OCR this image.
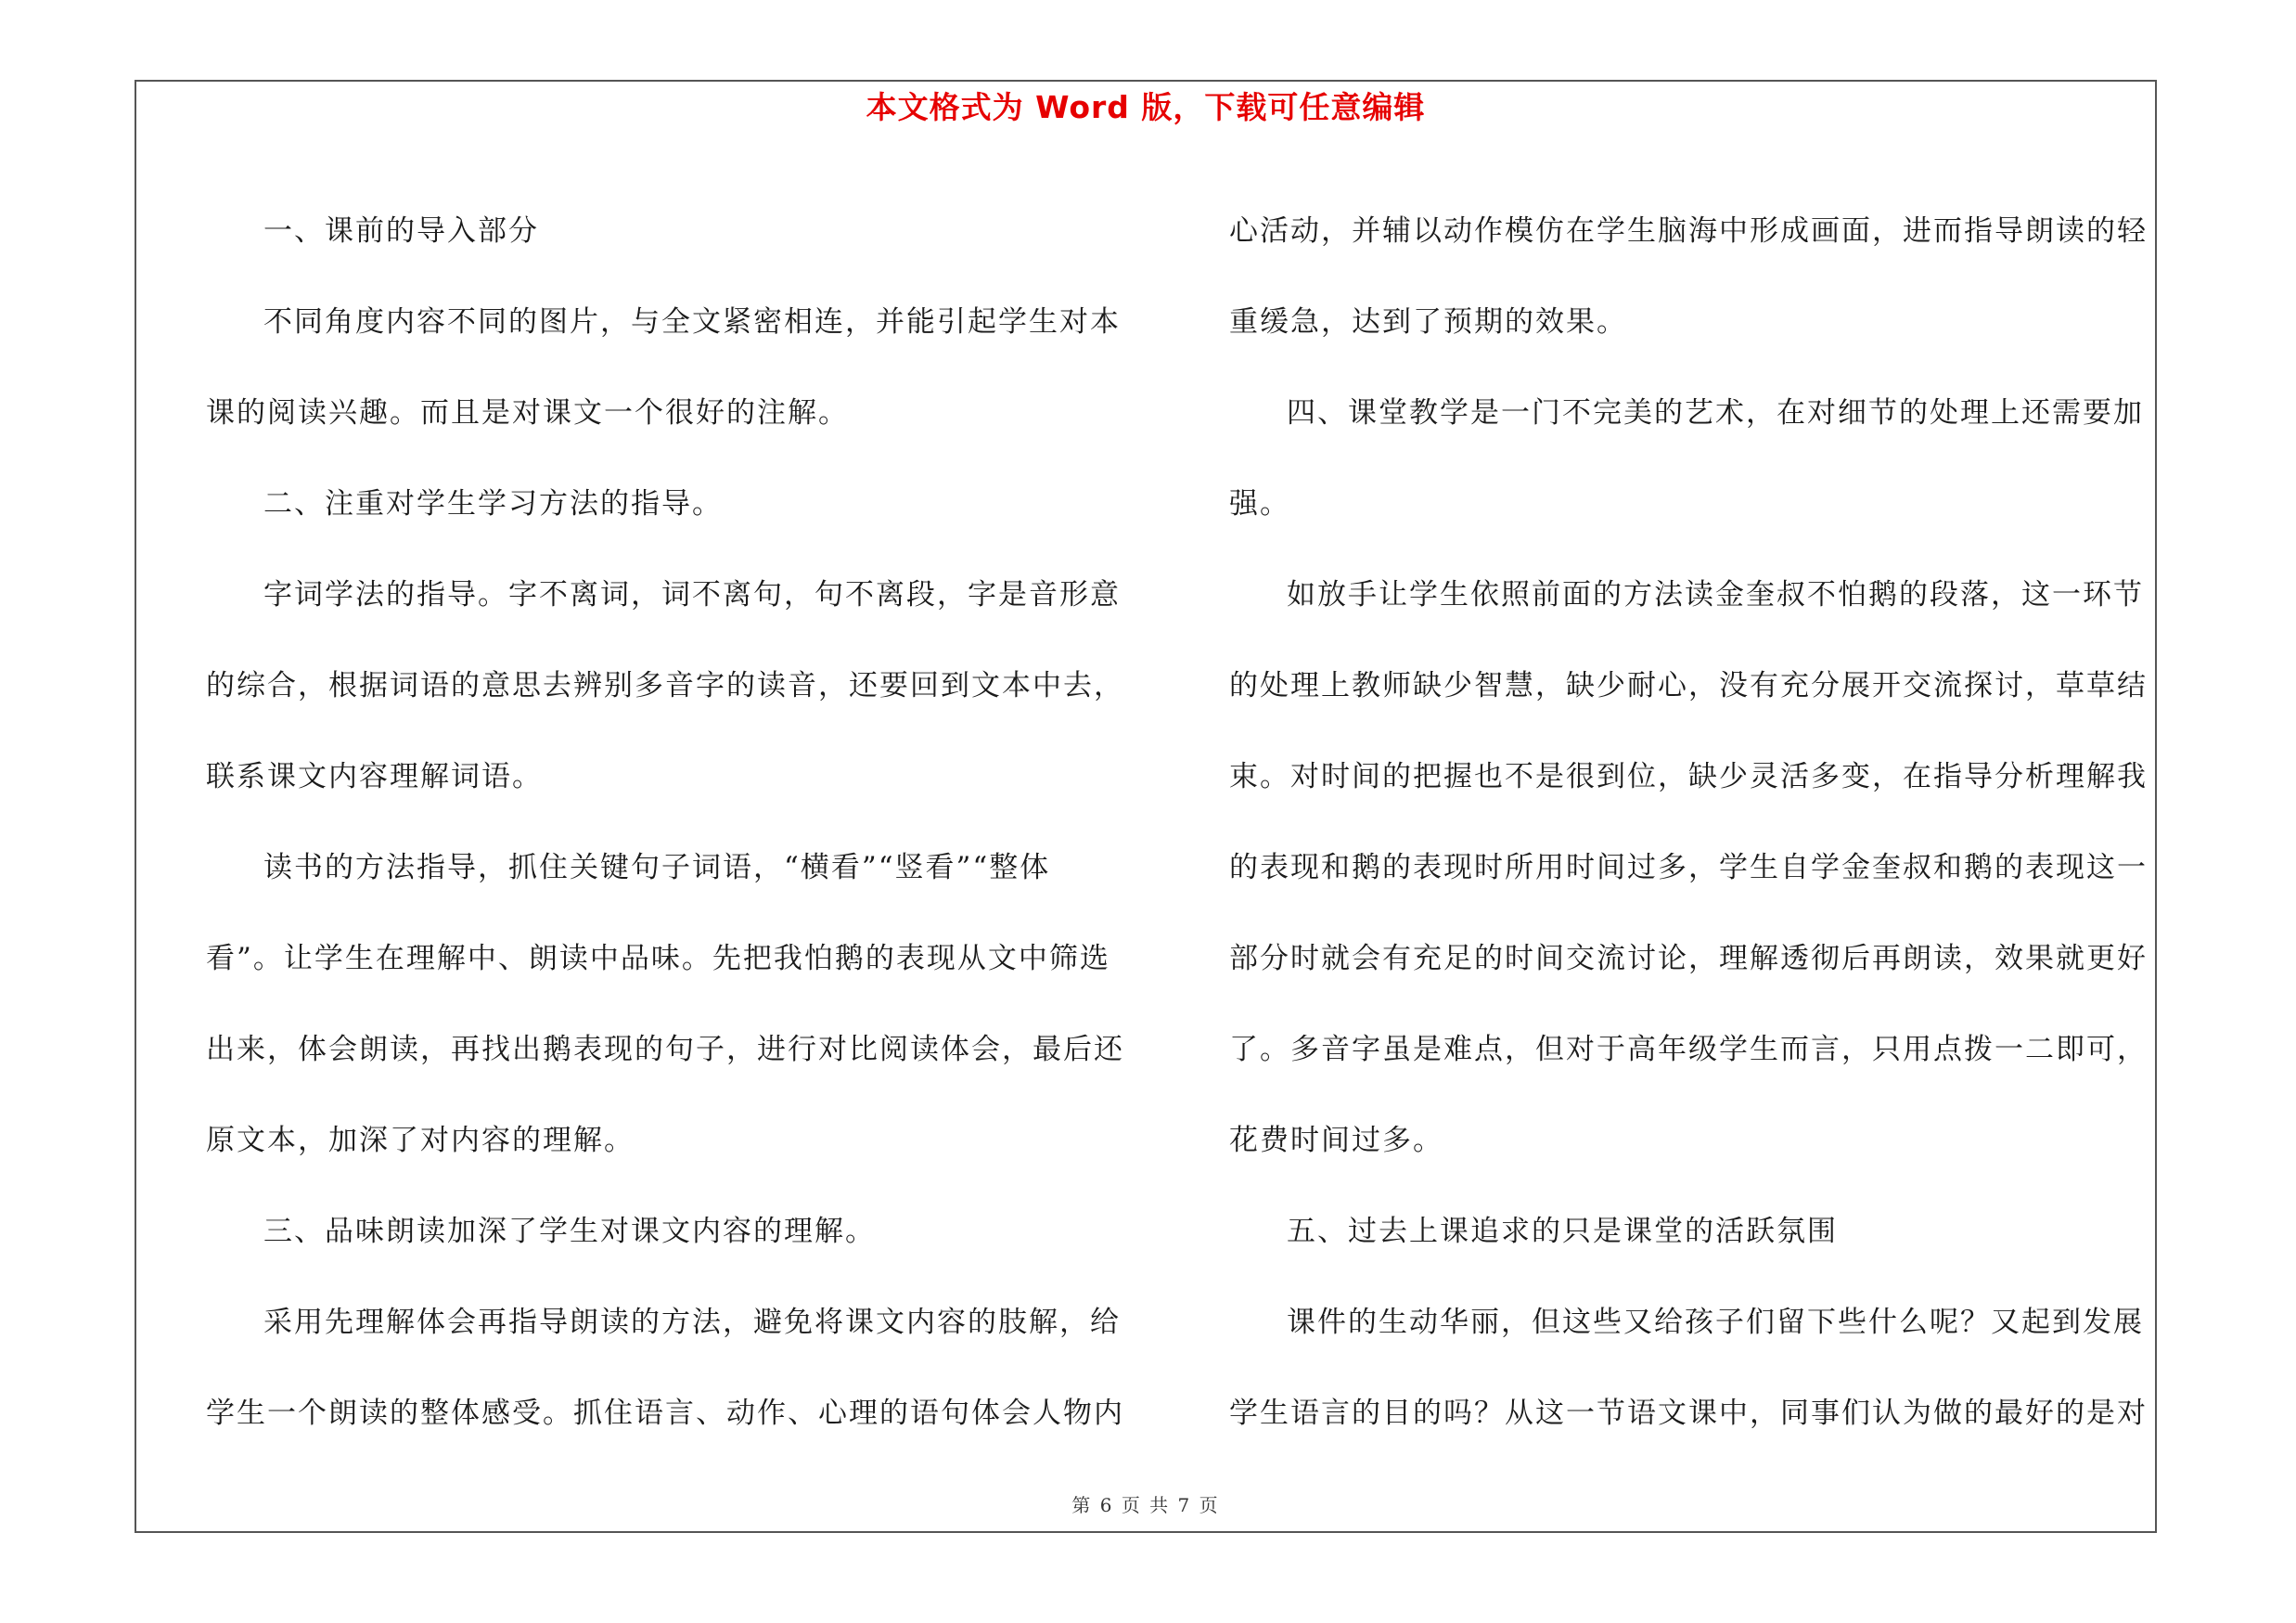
本文格式为 Word 版，下载可任意编辑

一、课前的导入部分

不同角度内容不同的图片，与全文紧密相连，并能引起学生对本

课的阅读兴趣。而且是对课文一个很好的注解。

二、注重对学生学习方法的指导。

字词学法的指导。字不离词，词不离句，句不离段，字是音形意

的综合，根据词语的意思去辨别多音字的读音，还要回到文本中去，

联系课文内容理解词语。

读书的方法指导，抓住关键句子词语，“横看”“竖看”“整体

看”。让学生在理解中、朗读中品味。先把我怕鹅的表现从文中筛选

出来，体会朗读，再找出鹅表现的句子，进行对比阅读体会，最后还

原文本，加深了对内容的理解。

三、品味朗读加深了学生对课文内容的理解。

采用先理解体会再指导朗读的方法，避免将课文内容的肢解，给

学生一个朗读的整体感受。抓住语言、动作、心理的语句体会人物内

心活动，并辅以动作模仿在学生脑海中形成画面，进而指导朗读的轻

重缓急，达到了预期的效果。

四、课堂教学是一门不完美的艺术，在对细节的处理上还需要加

强。

如放手让学生依照前面的方法读金奎叔不怕鹅的段落，这一环节

的处理上教师缺少智慧，缺少耐心，没有充分展开交流探讨，草草结

束。对时间的把握也不是很到位，缺少灵活多变，在指导分析理解我

的表现和鹅的表现时所用时间过多，学生自学金奎叔和鹅的表现这一

部分时就会有充足的时间交流讨论，理解透彻后再朗读，效果就更好

了。多音字虽是难点，但对于高年级学生而言，只用点拨一二即可，

花费时间过多。

五、过去上课追求的只是课堂的活跃氛围

课件的生动华丽，但这些又给孩子们留下些什么呢？又起到发展

学生语言的目的吗？从这一节语文课中，同事们认为做的最好的是对

第 6 页 共 7 页
